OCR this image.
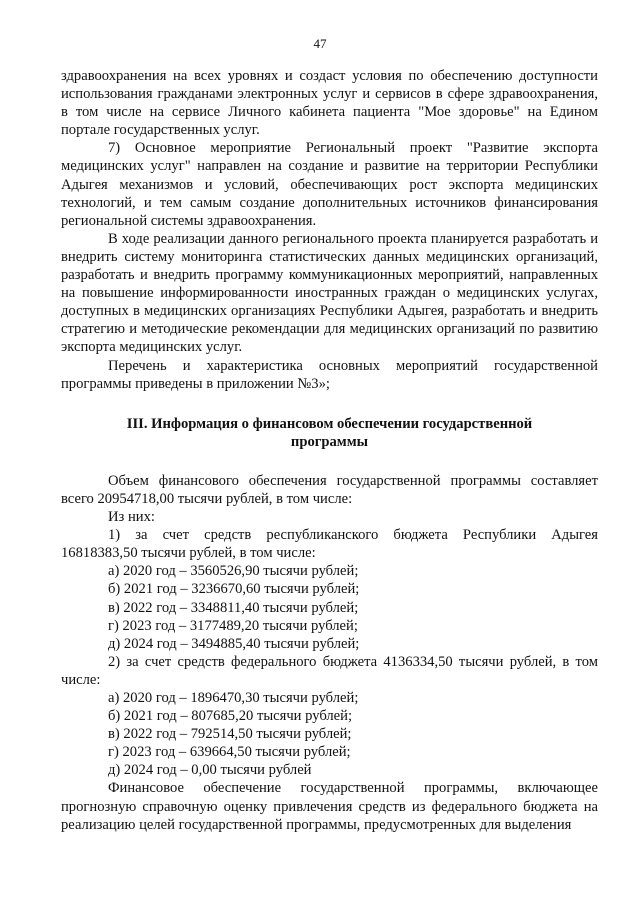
47

здравоохранения на всех уровнях и создаст условия по обеспечению доступности использования гражданами электронных услуг и сервисов в сфере здравоохранения, в том числе на сервисе Личного кабинета пациента "Мое здоровье" на Едином портале государственных услуг.

7) Основное мероприятие Региональный проект "Развитие экспорта медицинских услуг" направлен на создание и развитие на территории Республики Адыгея механизмов и условий, обеспечивающих рост экспорта медицинских технологий, и тем самым создание дополнительных источников финансирования региональной системы здравоохранения.

В ходе реализации данного регионального проекта планируется разработать и внедрить систему мониторинга статистических данных медицинских организаций, разработать и внедрить программу коммуникационных мероприятий, направленных на повышение информированности иностранных граждан о медицинских услугах, доступных в медицинских организациях Республики Адыгея, разработать и внедрить стратегию и методические рекомендации для медицинских организаций по развитию экспорта медицинских услуг.

Перечень и характеристика основных мероприятий государственной программы приведены в приложении №3»;

III. Информация о финансовом обеспечении государственной программы

Объем финансового обеспечения государственной программы составляет всего 20954718,00 тысячи рублей, в том числе:

Из них:

1) за счет средств республиканского бюджета Республики Адыгея 16818383,50 тысячи рублей, в том числе:

а) 2020 год – 3560526,90 тысячи рублей;

б) 2021 год – 3236670,60 тысячи рублей;

в) 2022 год – 3348811,40 тысячи рублей;

г) 2023 год – 3177489,20 тысячи рублей;

д) 2024 год – 3494885,40 тысячи рублей;

2) за счет средств федерального бюджета 4136334,50 тысячи рублей, в том числе:

а) 2020 год – 1896470,30 тысячи рублей;

б) 2021 год – 807685,20 тысячи рублей;

в) 2022 год – 792514,50 тысячи рублей;

г) 2023 год – 639664,50 тысячи рублей;

д) 2024 год – 0,00 тысячи рублей

Финансовое обеспечение государственной программы, включающее прогнозную справочную оценку привлечения средств из федерального бюджета на реализацию целей государственной программы, предусмотренных для выделения
